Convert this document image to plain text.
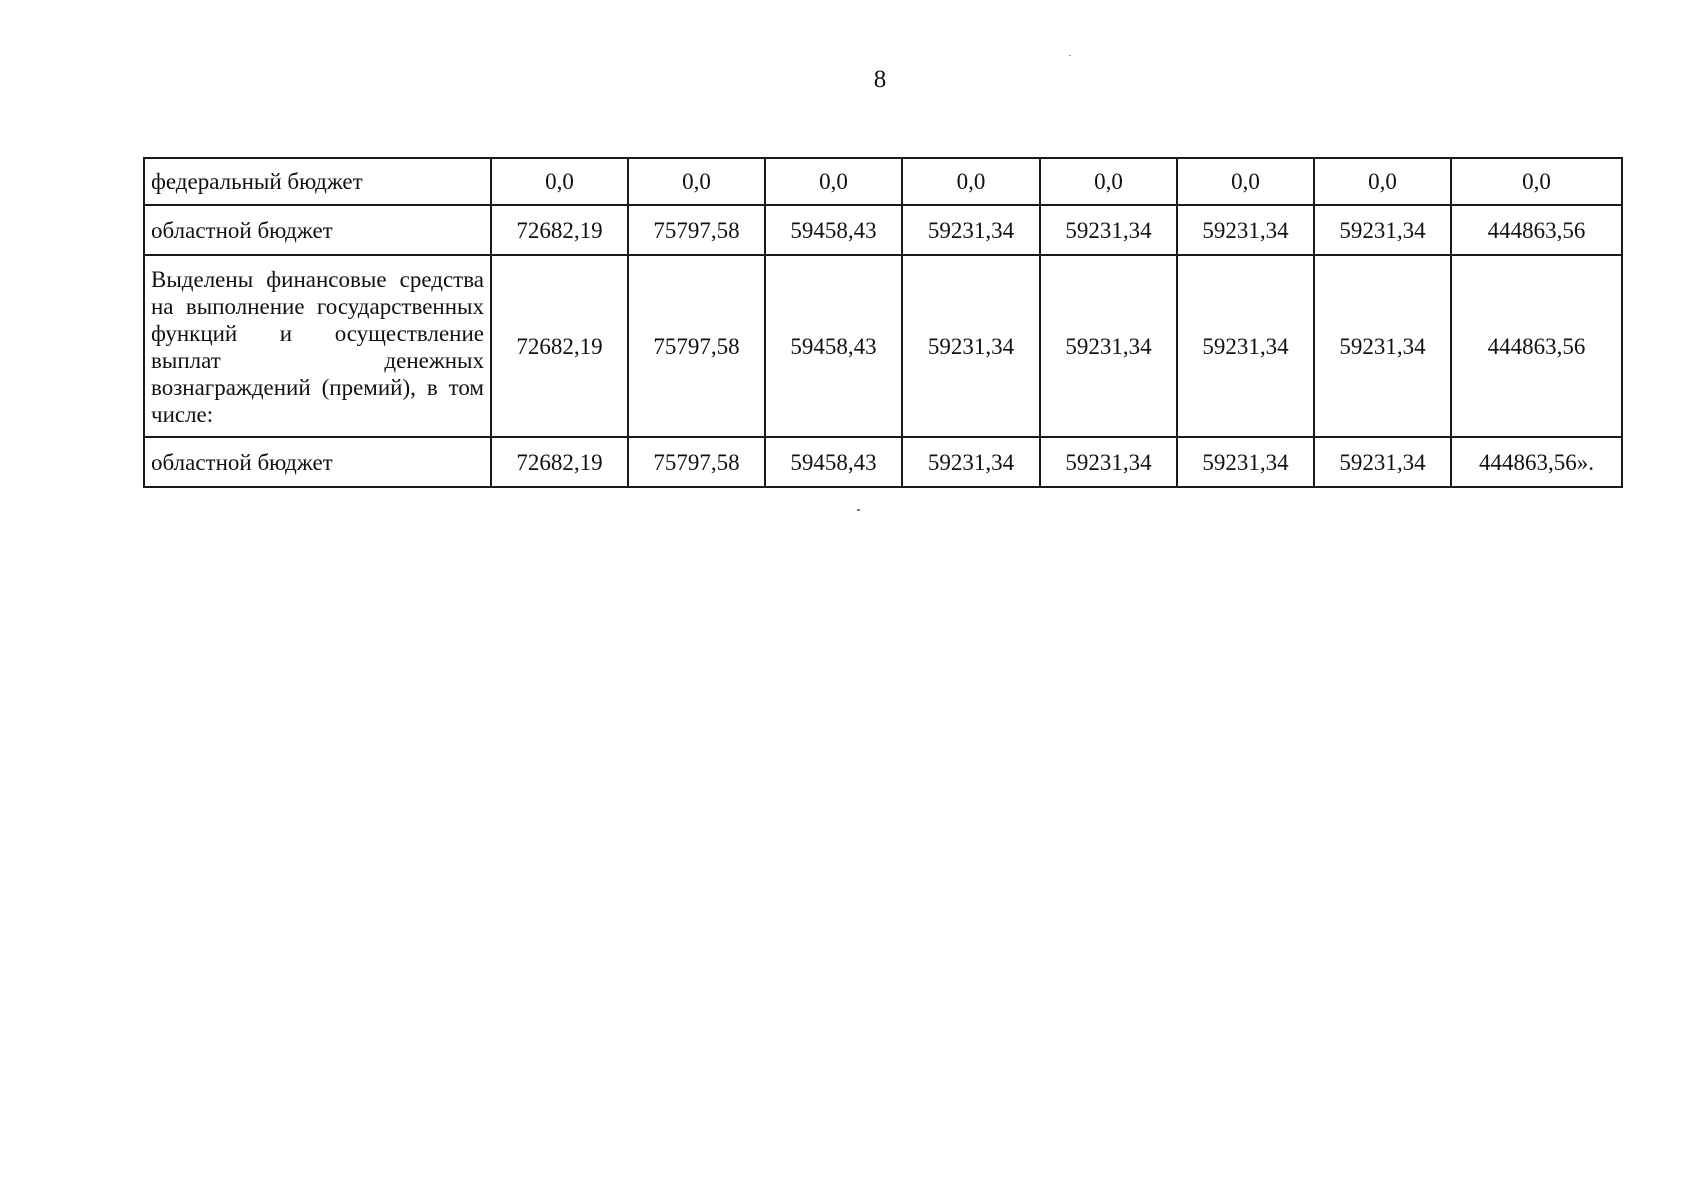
8
федеральный бюджет	0,0	0,0	0,0	0,0	0,0	0,0	0,0	0,0
областной бюджет	72682,19	75797,58	59458,43	59231,34	59231,34	59231,34	59231,34	444863,56
Выделены финансовые средства на выполнение государственных функций и осуществление выплат денежных вознаграждений (премий), в том числе:	72682,19	75797,58	59458,43	59231,34	59231,34	59231,34	59231,34	444863,56
областной бюджет	72682,19	75797,58	59458,43	59231,34	59231,34	59231,34	59231,34	444863,56».
